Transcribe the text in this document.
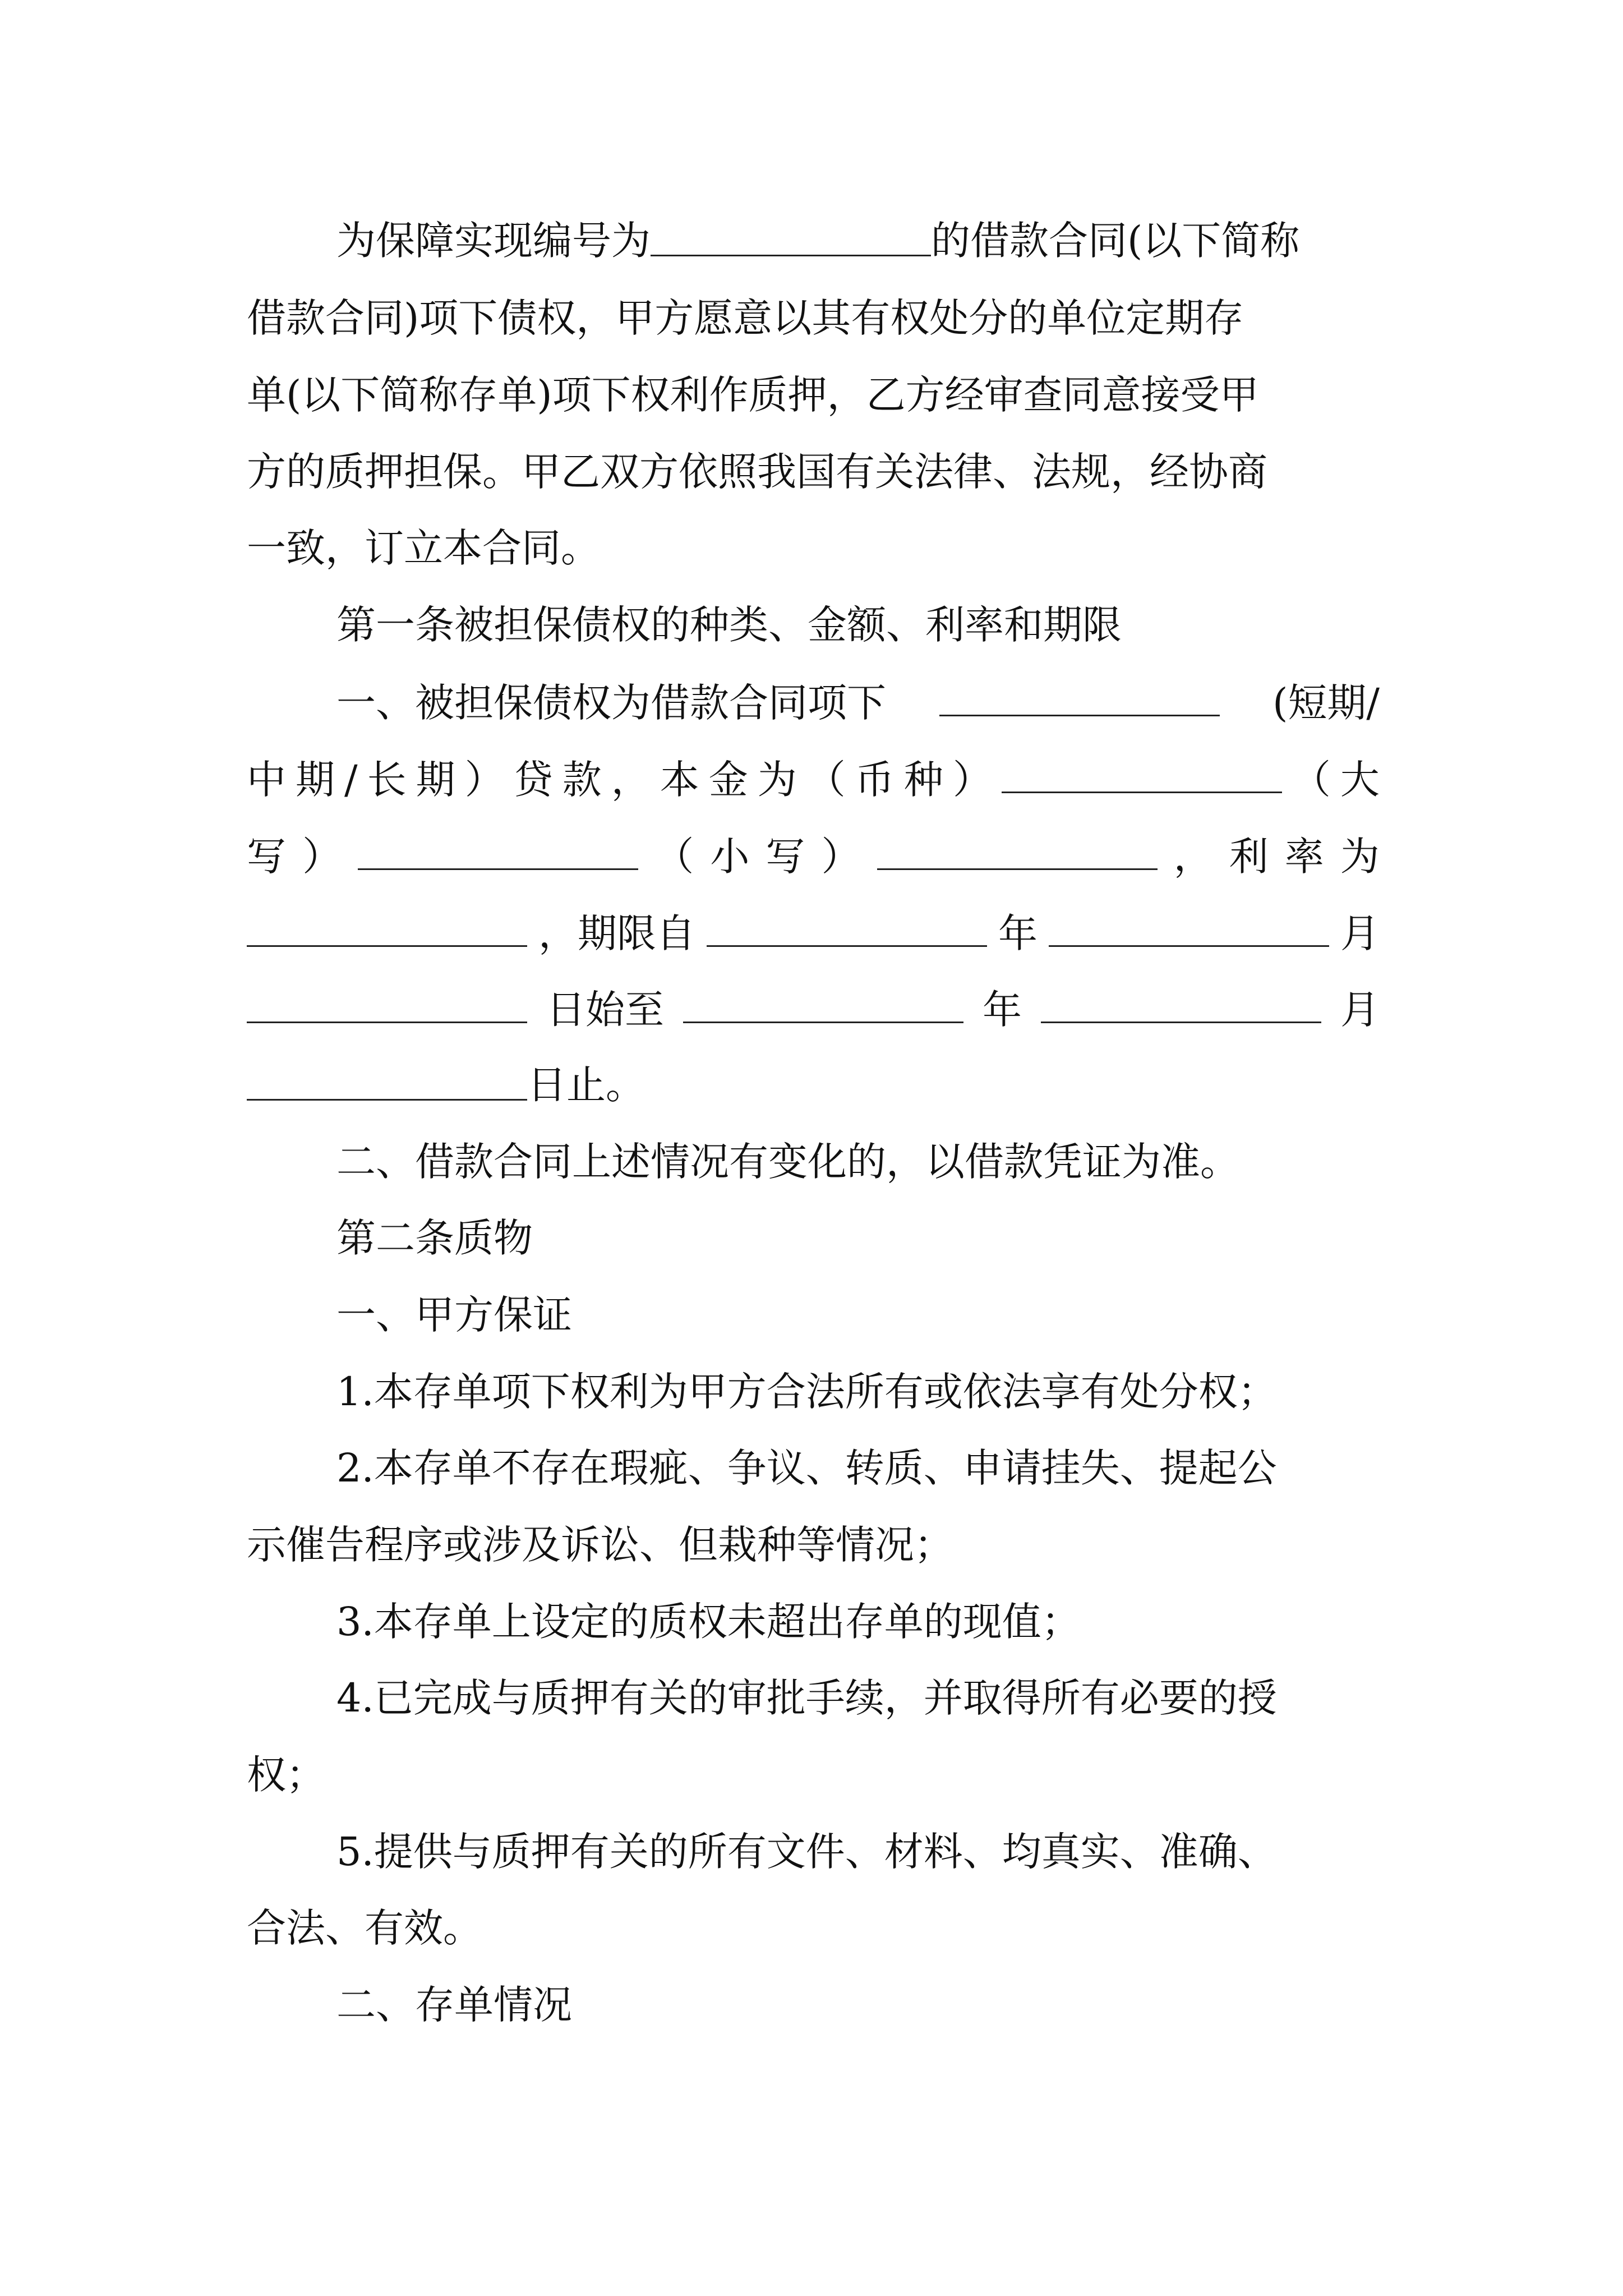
为保障实现编号为	的借款合同(以下简称
借款合同)项下债权，甲方愿意以其有权处分的单位定期存
单(以下简称存单)项下权利作质押，乙方经审查同意接受甲
方的质押担保。甲乙双方依照我国有关法律、法规，经协商
一致，订立本合同。
第一条被担保债权的种类、金额、利率和期限
一、被担保债权为借款合同项下	(短期/
中 期 / 长 期 ） 贷 款 ， 本 金 为 （ 币 种 ）	（ 大
写 ）	（ 小 写 ）	， 利 率 为
，期限自	年	月
日始至	年	月
日止。
二、借款合同上述情况有变化的，以借款凭证为准。
第二条质物
一、甲方保证
1.本存单项下权利为甲方合法所有或依法享有处分权；
2.本存单不存在瑕疵、争议、转质、申请挂失、提起公
示催告程序或涉及诉讼、但栽种等情况；
3.本存单上设定的质权未超出存单的现值；
4.已完成与质押有关的审批手续，并取得所有必要的授
权；
5.提供与质押有关的所有文件、材料、均真实、准确、
合法、有效。
二、存单情况
